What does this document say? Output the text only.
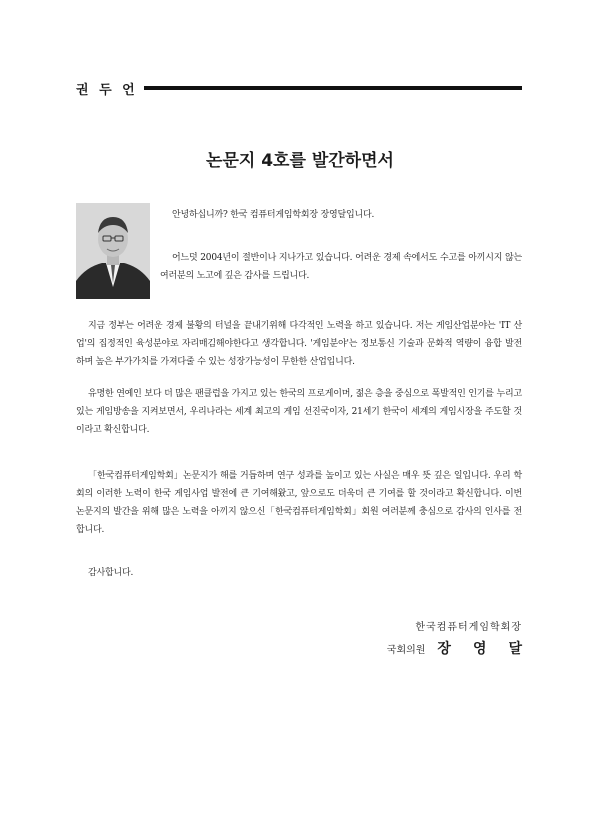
권 두 언
논문지 4호를 발간하면서

안녕하십니까? 한국 컴퓨터게임학회장 장영달입니다.

어느덧 2004년이 절반이나 지나가고 있습니다. 어려운 경제 속에서도 수고를 아끼시지 않는 여러분의 노고에 깊은 감사를 드립니다.

지금 정부는 어려운 경제 불황의 터널을 끝내기위해 다각적인 노력을 하고 있습니다. 저는 게임산업분야는 'IT 산업'의 집정적인 육성분야로 자리매김해야한다고 생각합니다. '게임분야'는 정보통신 기술과 문화적 역량이 융합 발전하며 높은 부가가치를 가져다줄 수 있는 성장가능성이 무한한 산업입니다.

유명한 연예인 보다 더 많은 팬클럽을 가지고 있는 한국의 프로게이머, 젊은 층을 중심으로 폭발적인 인기를 누리고 있는 게임방송을 지켜보면서, 우리나라는 세계 최고의 게임 선진국이자, 21세기 한국이 세계의 게임시장을 주도할 것이라고 확신합니다.

「한국컴퓨터게임학회」논문지가 해를 거듭하며 연구 성과를 높이고 있는 사실은 매우 뜻 깊은 일입니다. 우리 학회의 이러한 노력이 한국 게임사업 발전에 큰 기여해왔고, 앞으로도 더욱더 큰 기여를 할 것이라고 확신합니다. 이번 논문지의 발간을 위해 많은 노력을 아끼지 않으신「한국컴퓨터게임학회」회원 여러분께 충심으로 감사의 인사를 전합니다.

감사합니다.

한국컴퓨터게임학회장
국회의원 장영달
